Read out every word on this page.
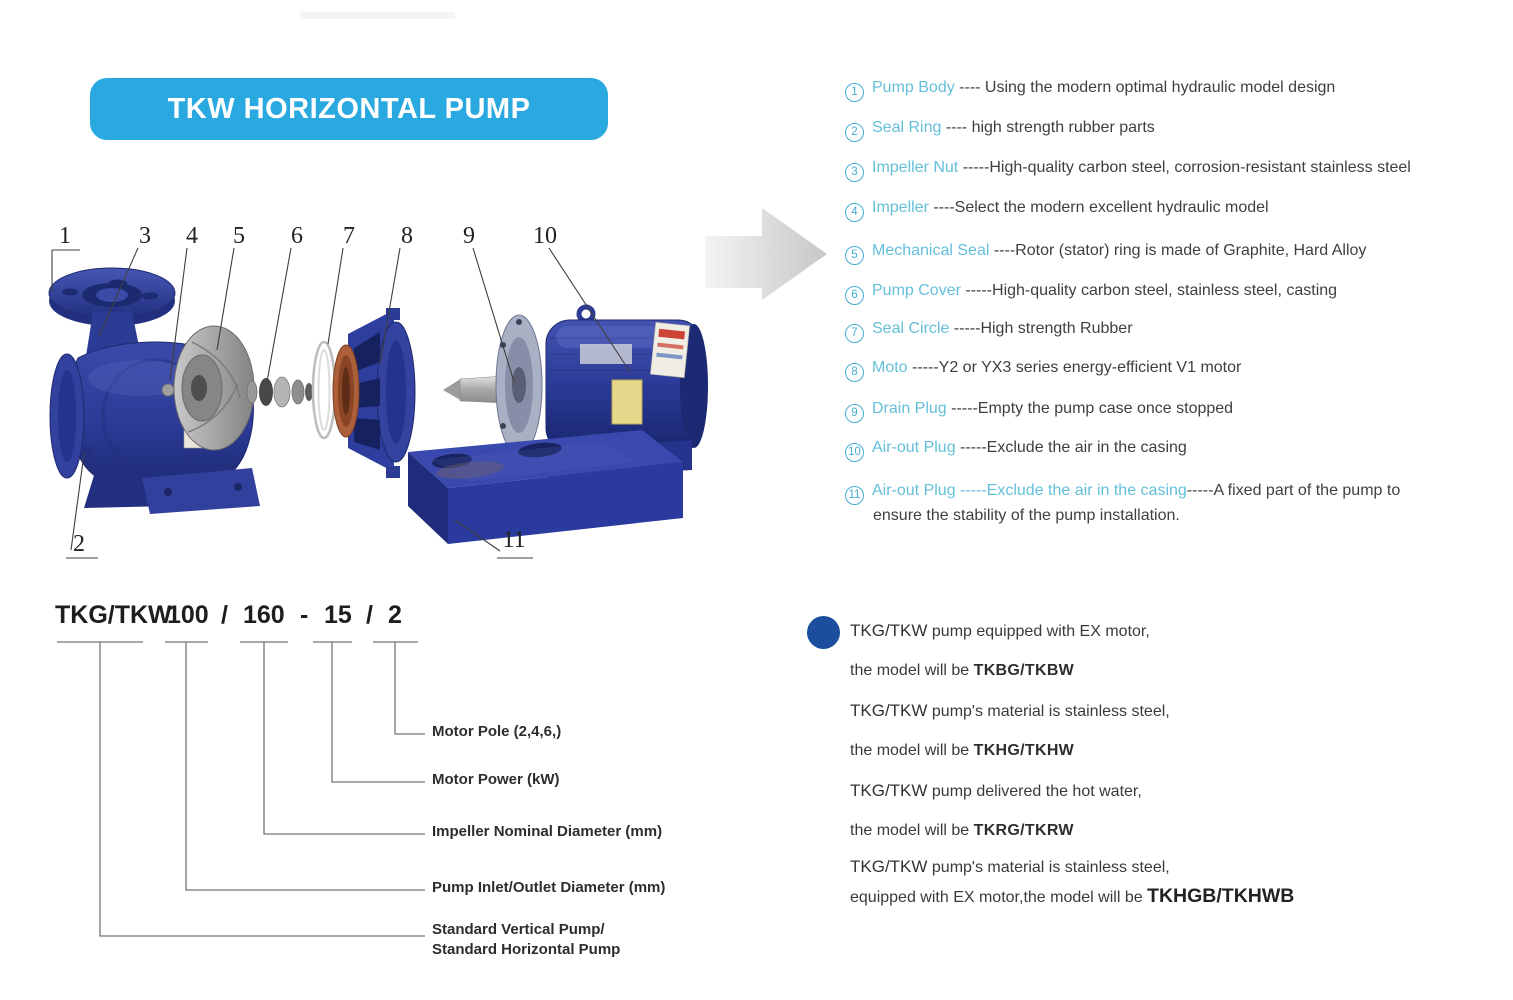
TKW HORIZONTAL PUMP
1
2
3 4 5 6 7 8 9 10
11
1 Pump Body ---- Using the modern optimal hydraulic model design
2 Seal Ring ---- high strength rubber parts
3 Impeller Nut -----High-quality carbon steel, corrosion-resistant stainless steel
4 Impeller ----Select the modern excellent hydraulic model
5 Mechanical Seal ----Rotor (stator) ring is made of Graphite, Hard Alloy
6 Pump Cover -----High-quality carbon steel, stainless steel, casting
7 Seal Circle -----High strength Rubber
8 Moto -----Y2 or YX3 series energy-efficient V1 motor
9 Drain Plug -----Empty the pump case once stopped
10 Air-out Plug -----Exclude the air in the casing
11 Air-out Plug -----Exclude the air in the casing-----A fixed part of the pump to
ensure the stability of the pump installation.
TKG/TKW
100 / 160 - 15 / 2
Motor Pole (2,4,6,)
Motor Power (kW)
Impeller Nominal Diameter (mm)
Pump Inlet/Outlet Diameter (mm)
Standard Vertical Pump/
Standard Horizontal Pump
TKG/TKW pump equipped with EX motor,
the model will be TKBG/TKBW
TKG/TKW pump's material is stainless steel,
the model will be TKHG/TKHW
TKG/TKW pump delivered the hot water,
the model will be TKRG/TKRW
TKG/TKW pump's material is stainless steel,
equipped with EX motor,the model will be TKHGB/TKHWB
